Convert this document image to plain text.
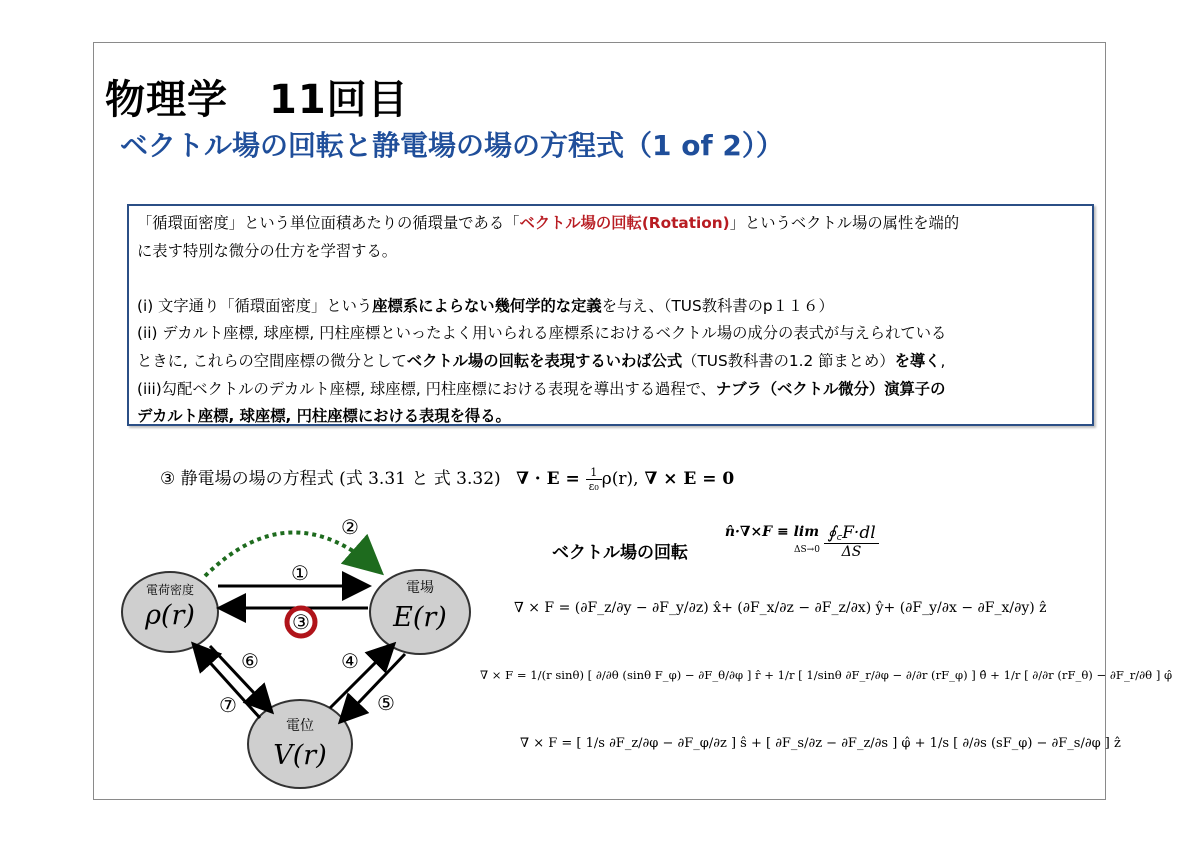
物理学　11回目
ベクトル場の回転と静電場の場の方程式（1 of 2））

「循環面密度」という単位面積あたりの循環量である「ベクトル場の回転(Rotation)」というベクトル場の属性を端的

に表す特別な微分の仕方を学習する。

(i) 文字通り「循環面密度」という座標系によらない幾何学的な定義を与え、（TUS教科書のp１１６）

(ii) デカルト座標, 球座標, 円柱座標といったよく用いられる座標系におけるベクトル場の成分の表式が与えられている

ときに, これらの空間座標の微分としてベクトル場の回転を表現するいわば公式（TUS教科書の1.2 節まとめ）を導く,

(iii)勾配ベクトルのデカルト座標, 球座標, 円柱座標における表現を導出する過程で、ナブラ（ベクトル微分）演算子の

デカルト座標, 球座標, 円柱座標における表現を得る。

③ 静電場の場の方程式 (式 3.31 と 式 3.32) ∇ · $E = \frac{1}{\text{ε₀}} \rho(r)$, ∇ × E = 0
ベクトル場の回転
n̂·∇×F ≡ lim
$\Delta S\to 0 \frac{∮꜀F\cdot dl}{\Delta S}$
電荷密度
ρ(r)
電場
E(r)
電位
V(r)
①
②
③
④
⑤
⑥
⑦
∇ × F = (∂F_z/∂y − ∂F_y/∂z) x̂+ (∂F_x/∂z − ∂F_z/∂x) ŷ+ (∂F_y/∂x − ∂F_x/∂y) ẑ
∇ × F = 1/(r sinθ) [ ∂/∂θ (sinθ F_φ) − ∂F_θ/∂φ ] r̂ + 1/r [ 1/sinθ ∂F_r/∂φ − ∂/∂r (rF_φ) ] θ̂ + 1/r [ ∂/∂r (rF_θ) − ∂F_r/∂θ ] φ̂
∇ × F = [ 1/s ∂F_z/∂φ − ∂F_φ/∂z ] ŝ + [ ∂F_s/∂z − ∂F_z/∂s ] φ̂ + 1/s [ ∂/∂s (sF_φ) − ∂F_s/∂φ ] ẑ
